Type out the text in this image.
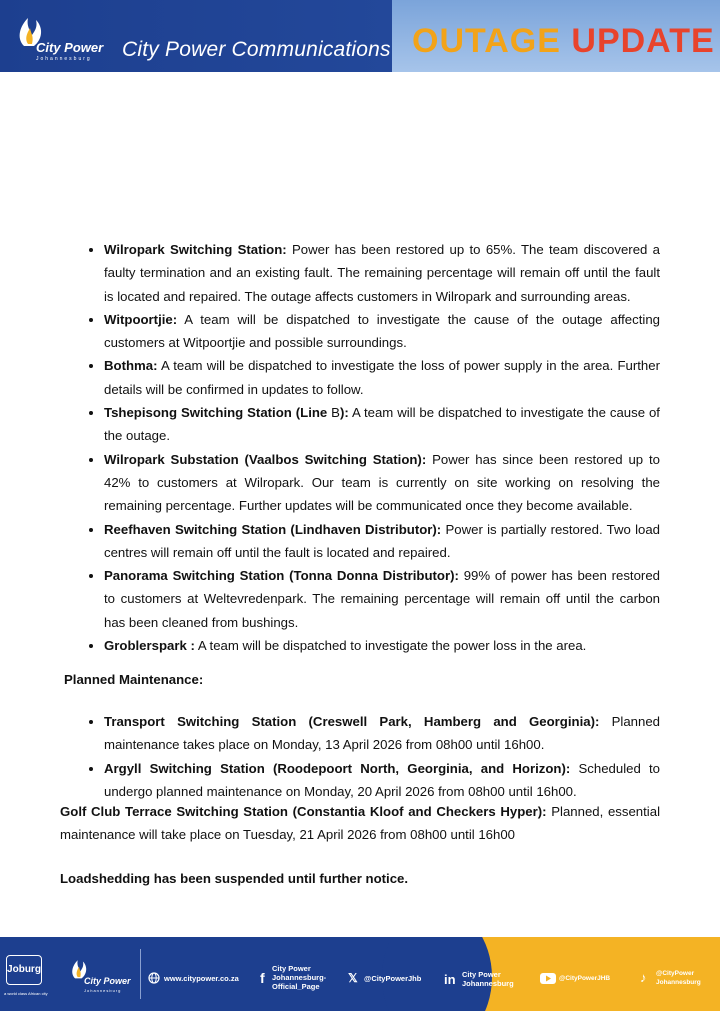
City Power
Johannesburg City Power Communications OUTAGE UPDATE
• Wilropark Switching Station: Power has been restored up to 65%. The team discovered a faulty termination and an existing fault. The remaining percentage will remain off until the fault is located and repaired. The outage affects customers in Wilropark and surrounding areas.
• Witpoortjie: A team will be dispatched to investigate the cause of the outage affecting customers at Witpoortjie and possible surroundings.
• Bothma: A team will be dispatched to investigate the loss of power supply in the area. Further details will be confirmed in updates to follow.
• Tshepisong Switching Station (Line B): A team will be dispatched to investigate the cause of the outage.
• Wilropark Substation (Vaalbos Switching Station): Power has since been restored up to 42% to customers at Wilropark. Our team is currently on site working on resolving the remaining percentage. Further updates will be communicated once they become available.
• Reefhaven Switching Station (Lindhaven Distributor): Power is partially restored. Two load centres will remain off until the fault is located and repaired.
• Panorama Switching Station (Tonna Donna Distributor): 99% of power has been restored to customers at Weltevredenpark. The remaining percentage will remain off until the carbon has been cleaned from bushings.
• Groblerspark : A team will be dispatched to investigate the power loss in the area.
Planned Maintenance:
• Transport Switching Station (Creswell Park, Hamberg and Georginia): Planned maintenance takes place on Monday, 13 April 2026 from 08h00 until 16h00.
• Argyll Switching Station (Roodepoort North, Georginia, and Horizon): Scheduled to undergo planned maintenance on Monday, 20 April 2026 from 08h00 until 16h00.

Golf Club Terrace Switching Station (Constantia Kloof and Checkers Hyper): Planned, essential maintenance will take place on Tuesday, 21 April 2026 from 08h00 until 16h00

Loadshedding has been suspended until further notice.
Joburg
a world class African city
City Power
Johannesburg
www.citypower.co.za f
City Power
Johannesburg-
Official_Page
𝕏 @CityPowerJhb in City Power
Johannesburg
@CityPowerJHB ♪ @CityPower
Johannesburg
